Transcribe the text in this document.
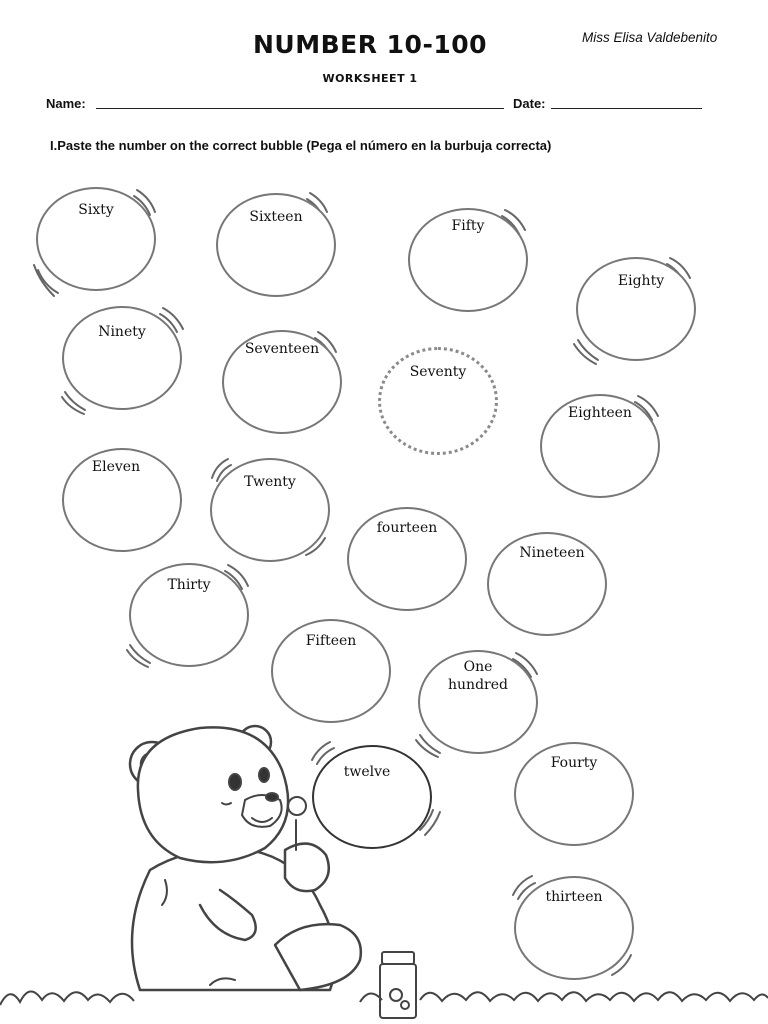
NUMBER 10-100	Miss Elisa Valdebenito
WORKSHEET 1
Name:	Date:
I.Paste the number on the correct bubble (Pega el número en la burbuja correcta)
Sixty	Sixteen
Fifty
Eighty
Ninety
Seventeen
Seventy
Eighteen
Eleven
Twenty
fourteen
Nineteen
Thirty
Fifteen
One hundred
twelve
Fourty
thirteen
